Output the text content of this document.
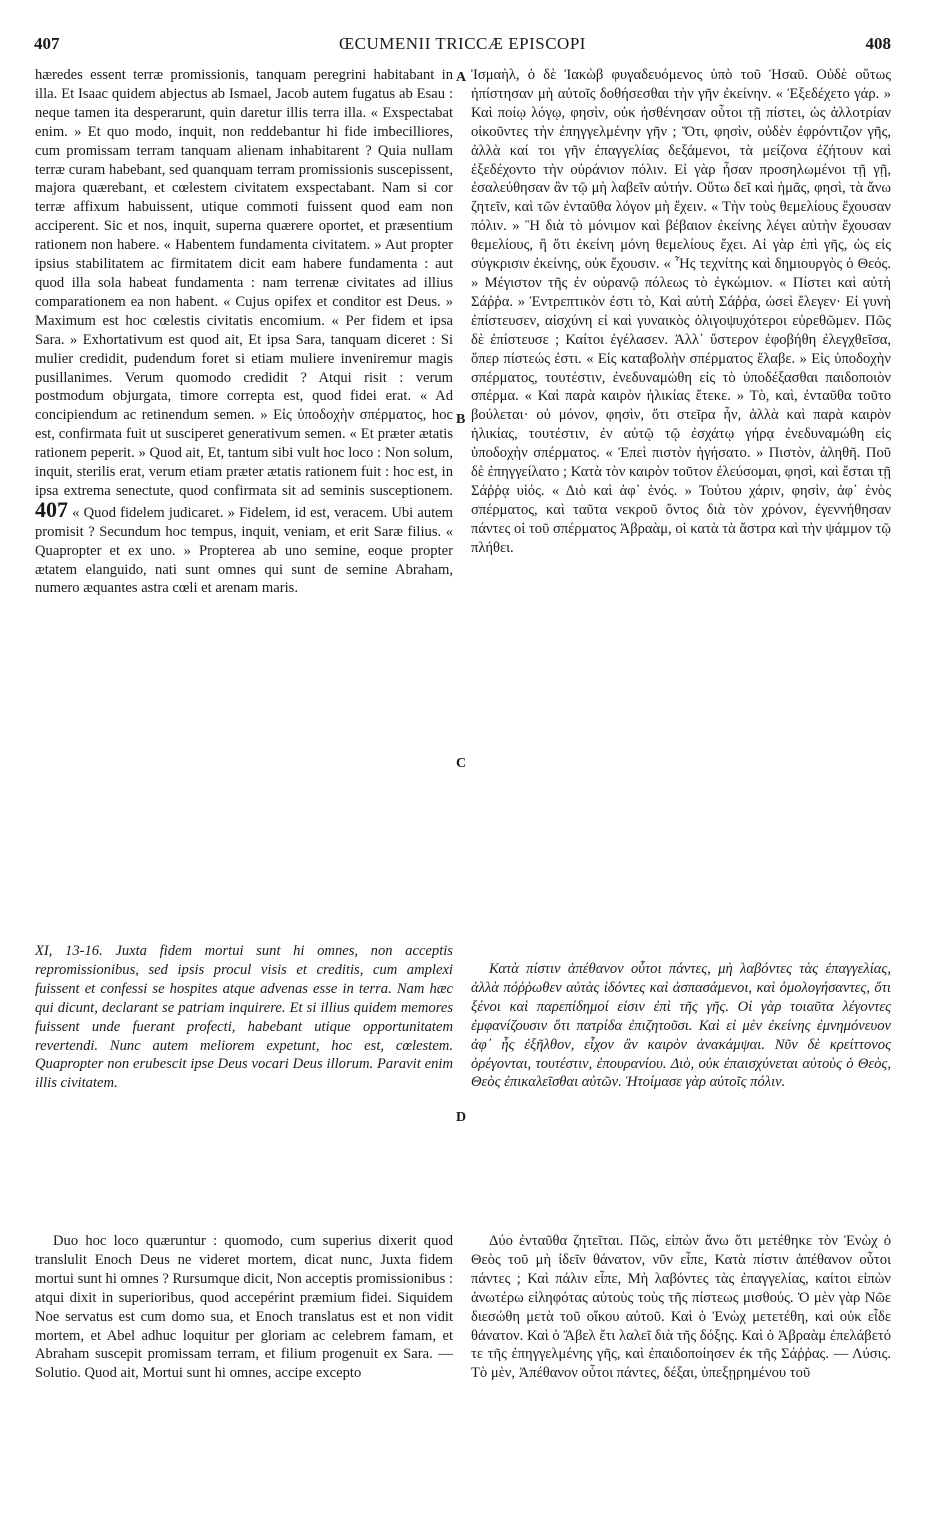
407	ŒCUMENII TRICCÆ EPISCOPI	408
A
B
C
D

hæredes essent terræ promissionis, tanquam peregrini habitabant in illa. Et Isaac quidem abjectus ab Ismael, Jacob autem fugatus ab Esau : neque tamen ita desperarunt, quin daretur illis terra illa. « Exspectabat enim. » Et quo modo, inquit, non reddebantur hi fide imbecilliores, cum promissam terram tanquam alienam inhabitarent ? Quia nullam terræ curam habebant, sed quanquam terram promissionis suscepissent, majora quærebant, et cœlestem civitatem exspectabant. Nam si cor terræ affixum habuissent, utique commoti fuissent quod eam non acciperent. Sic et nos, inquit, superna quærere oportet, et præsentium rationem non habere. « Habentem fundamenta civitatem. » Aut propter ipsius stabilitatem ac firmitatem dicit eam habere fundamenta : aut quod illa sola habeat fundamenta : nam terrenæ civitates ad illius comparationem ea non habent. « Cujus opifex et conditor est Deus. » Maximum est hoc cœlestis civitatis encomium. « Per fidem et ipsa Sara. » Exhortativum est quod ait, Et ipsa Sara, tanquam diceret : Si mulier credidit, pudendum foret si etiam muliere inveniremur magis pusillanimes. Verum quomodo credidit ? Atqui risit : verum postmodum objurgata, timore correpta est, quod fidei erat. « Ad concipiendum ac retinendum semen. » Εἰς ὑποδοχὴν σπέρματος, hoc est, confirmata fuit ut susciperet generativum semen. « Et præter ætatis rationem peperit. » Quod ait, Et, tantum sibi vult hoc loco : Non solum, inquit, sterilis erat, verum etiam præter ætatis rationem fuit : hoc est, in ipsa extrema senectute, quod confirmata sit ad seminis susceptionem. 407 « Quod fidelem judicaret. » Fidelem, id est, veracem. Ubi autem promisit ? Secundum hoc tempus, inquit, veniam, et erit Saræ filius. « Quapropter et ex uno. » Propterea ab uno semine, eoque propter ætatem elanguido, nati sunt omnes qui sunt de semine Abraham, numero æquantes astra cœli et arenam maris.

Ἰσμαὴλ, ὁ δὲ Ἰακὼβ φυγαδευόμενος ὑπὸ τοῦ Ἡσαῦ. Οὐδὲ οὕτως ἠπίστησαν μὴ αὐτοῖς δοθήσεσθαι τὴν γῆν ἐκείνην. « Ἐξεδέχετο γάρ. » Καὶ ποίῳ λόγῳ, φησὶν, οὐκ ἠσθένησαν οὗτοι τῇ πίστει, ὡς ἀλλοτρίαν οἰκοῦντες τὴν ἐπηγγελμένην γῆν ; Ὅτι, φησὶν, οὐδὲν ἐφρόντιζον γῆς, ἀλλὰ καί τοι γῆν ἐπαγγελίας δεξάμενοι, τὰ μείζονα ἐζήτουν καὶ ἐξεδέχοντο τὴν οὐράνιον πόλιν. Εἰ γὰρ ἦσαν προσηλωμένοι τῇ γῇ, ἐσαλεύθησαν ἂν τῷ μὴ λαβεῖν αὐτήν. Οὕτω δεῖ καὶ ἡμᾶς, φησὶ, τὰ ἄνω ζητεῖν, καὶ τῶν ἐνταῦθα λόγον μὴ ἔχειν. « Τὴν τοὺς θεμελίους ἔχουσαν πόλιν. » Ἢ διὰ τὸ μόνιμον καὶ βέβαιον ἐκείνης λέγει αὐτὴν ἔχουσαν θεμελίους, ἢ ὅτι ἐκείνη μόνη θεμελίους ἔχει. Αἱ γὰρ ἐπὶ γῆς, ὡς εἰς σύγκρισιν ἐκείνης, οὐκ ἔχουσιν. « Ἧς τεχνίτης καὶ δημιουργὸς ὁ Θεός. » Μέγιστον τῆς ἐν οὐρανῷ πόλεως τὸ ἐγκώμιον. « Πίστει καὶ αὐτὴ Σάῤῥα. » Ἐντρεπτικὸν ἐστι τὸ, Καὶ αὐτὴ Σάῤῥα, ὡσεὶ ἔλεγεν· Εἰ γυνὴ ἐπίστευσεν, αἰσχύνη εἰ καὶ γυναικὸς ὀλιγοψυχότεροι εὑρεθῶμεν. Πῶς δὲ ἐπίστευσε ; Καίτοι ἐγέλασεν. Ἀλλ᾽ ὕστερον ἐφοβήθη ἐλεγχθεῖσα, ὅπερ πίστεώς ἐστι. « Εἰς καταβολὴν σπέρματος ἔλαβε. » Εἰς ὑποδοχὴν σπέρματος, τουτέστιν, ἐνεδυναμώθη εἰς τὸ ὑποδέξασθαι παιδοποιὸν σπέρμα. « Καὶ παρὰ καιρὸν ἡλικίας ἔτεκε. » Τὸ, καὶ, ἐνταῦθα τοῦτο βούλεται· οὐ μόνον, φησὶν, ὅτι στεῖρα ἦν, ἀλλὰ καὶ παρὰ καιρὸν ἡλικίας, τουτέστιν, ἐν αὐτῷ τῷ ἐσχάτῳ γήρᾳ ἐνεδυναμώθη εἰς ὑποδοχὴν σπέρματος. « Ἐπεὶ πιστὸν ἡγήσατο. » Πιστὸν, ἀληθῆ. Ποῦ δὲ ἐπηγγείλατο ; Κατὰ τὸν καιρὸν τοῦτον ἐλεύσομαι, φησὶ, καὶ ἔσται τῇ Σάῤῥᾳ υἱός. « Διὸ καὶ ἀφ᾽ ἑνός. » Τούτου χάριν, φησὶν, ἀφ᾽ ἑνὸς σπέρματος, καὶ ταῦτα νεκροῦ ὄντος διὰ τὸν χρόνον, ἐγεννήθησαν πάντες οἱ τοῦ σπέρματος Ἀβραὰμ, οἱ κατὰ τὰ ἄστρα καὶ τὴν ψάμμον τῷ πλήθει.

XI, 13-16. Juxta fidem mortui sunt hi omnes, non acceptis repromissionibus, sed ipsis procul visis et creditis, cum amplexi fuissent et confessi se hospites atque advenas esse in terra. Nam hæc qui dicunt, declarant se patriam inquirere. Et si illius quidem memores fuissent unde fuerant profecti, habebant utique opportunitatem revertendi. Nunc autem meliorem expetunt, hoc est, cœlestem. Quapropter non erubescit ipse Deus vocari Deus illorum. Paravit enim illis civitatem.

Κατὰ πίστιν ἀπέθανον οὗτοι πάντες, μὴ λαβόντες τὰς ἐπαγγελίας, ἀλλὰ πόῤῥωθεν αὐτὰς ἰδόντες καὶ ἀσπασάμενοι, καὶ ὁμολογήσαντες, ὅτι ξένοι καὶ παρεπίδημοί εἰσιν ἐπὶ τῆς γῆς. Οἱ γὰρ τοιαῦτα λέγοντες ἐμφανίζουσιν ὅτι πατρίδα ἐπιζητοῦσι. Καὶ εἰ μὲν ἐκείνης ἐμνημόνευον ἀφ᾽ ἧς ἐξῆλθον, εἶχον ἂν καιρὸν ἀνακάμψαι. Νῦν δὲ κρείττονος ὀρέγονται, τουτέστιν, ἐπουρανίου. Διὸ, οὐκ ἐπαισχύνεται αὐτοὺς ὁ Θεὸς, Θεὸς ἐπικαλεῖσθαι αὐτῶν. Ἡτοίμασε γὰρ αὐτοῖς πόλιν.

Duo hoc loco quæruntur : quomodo, cum superius dixerit quod translulit Enoch Deus ne videret mortem, dicat nunc, Juxta fidem mortui sunt hi omnes ? Rursumque dicit, Non acceptis promissionibus : atqui dixit in superioribus, quod accepérint præmium fidei. Siquidem Noe servatus est cum domo sua, et Enoch translatus est et non vidit mortem, et Abel adhuc loquitur per gloriam ac celebrem famam, et Abraham suscepit promissam terram, et filium progenuit ex Sara. — Solutio. Quod ait, Mortui sunt hi omnes, accipe excepto

Δύο ἐνταῦθα ζητεῖται. Πῶς, εἰπὼν ἄνω ὅτι μετέθηκε τὸν Ἐνὼχ ὁ Θεὸς τοῦ μὴ ἰδεῖν θάνατον, νῦν εἶπε, Κατὰ πίστιν ἀπέθανον οὗτοι πάντες ; Καὶ πάλιν εἶπε, Μὴ λαβόντες τὰς ἐπαγγελίας, καίτοι εἰπὼν ἀνωτέρω εἰληφότας αὐτοὺς τοὺς τῆς πίστεως μισθούς. Ὁ μὲν γὰρ Νῶε διεσώθη μετὰ τοῦ οἴκου αὐτοῦ. Καὶ ὁ Ἐνὼχ μετετέθη, καὶ οὐκ εἶδε θάνατον. Καὶ ὁ Ἄβελ ἔτι λαλεῖ διὰ τῆς δόξης. Καὶ ὁ Ἀβραὰμ ἐπελάβετό τε τῆς ἐπηγγελμένης γῆς, καὶ ἐπαιδοποίησεν ἐκ τῆς Σάῤῥας. — Λύσις. Τὸ μὲν, Ἀπέθανον οὗτοι πάντες, δέξαι, ὑπεξῃρημένου τοῦ
